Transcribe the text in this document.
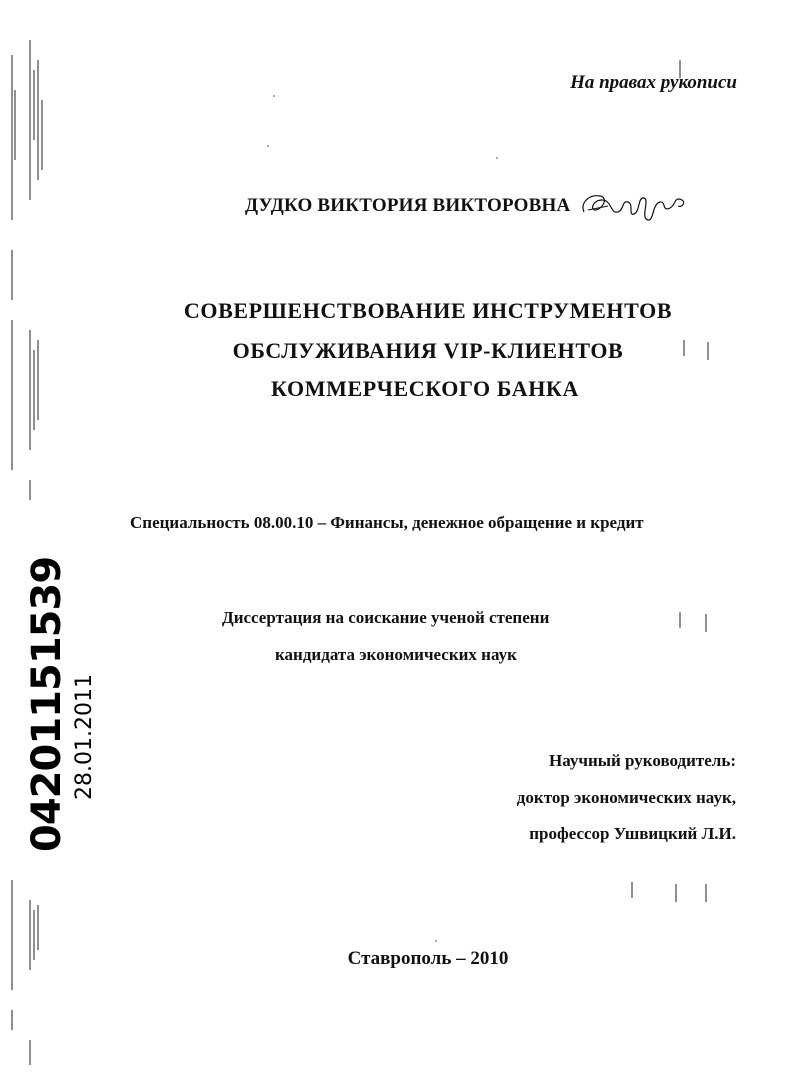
На правах рукописи
ДУДКО ВИКТОРИЯ ВИКТОРОВНА
СОВЕРШЕНСТВОВАНИЕ ИНСТРУМЕНТОВ
ОБСЛУЖИВАНИЯ VIP-КЛИЕНТОВ
КОММЕРЧЕСКОГО БАНКА
Специальность 08.00.10 – Финансы, денежное обращение и кредит
Диссертация на соискание ученой степени
кандидата экономических наук
Научный руководитель:
доктор экономических наук,
профессор Ушвицкий Л.И.
Ставрополь – 2010
04201151539 28.01.2011
